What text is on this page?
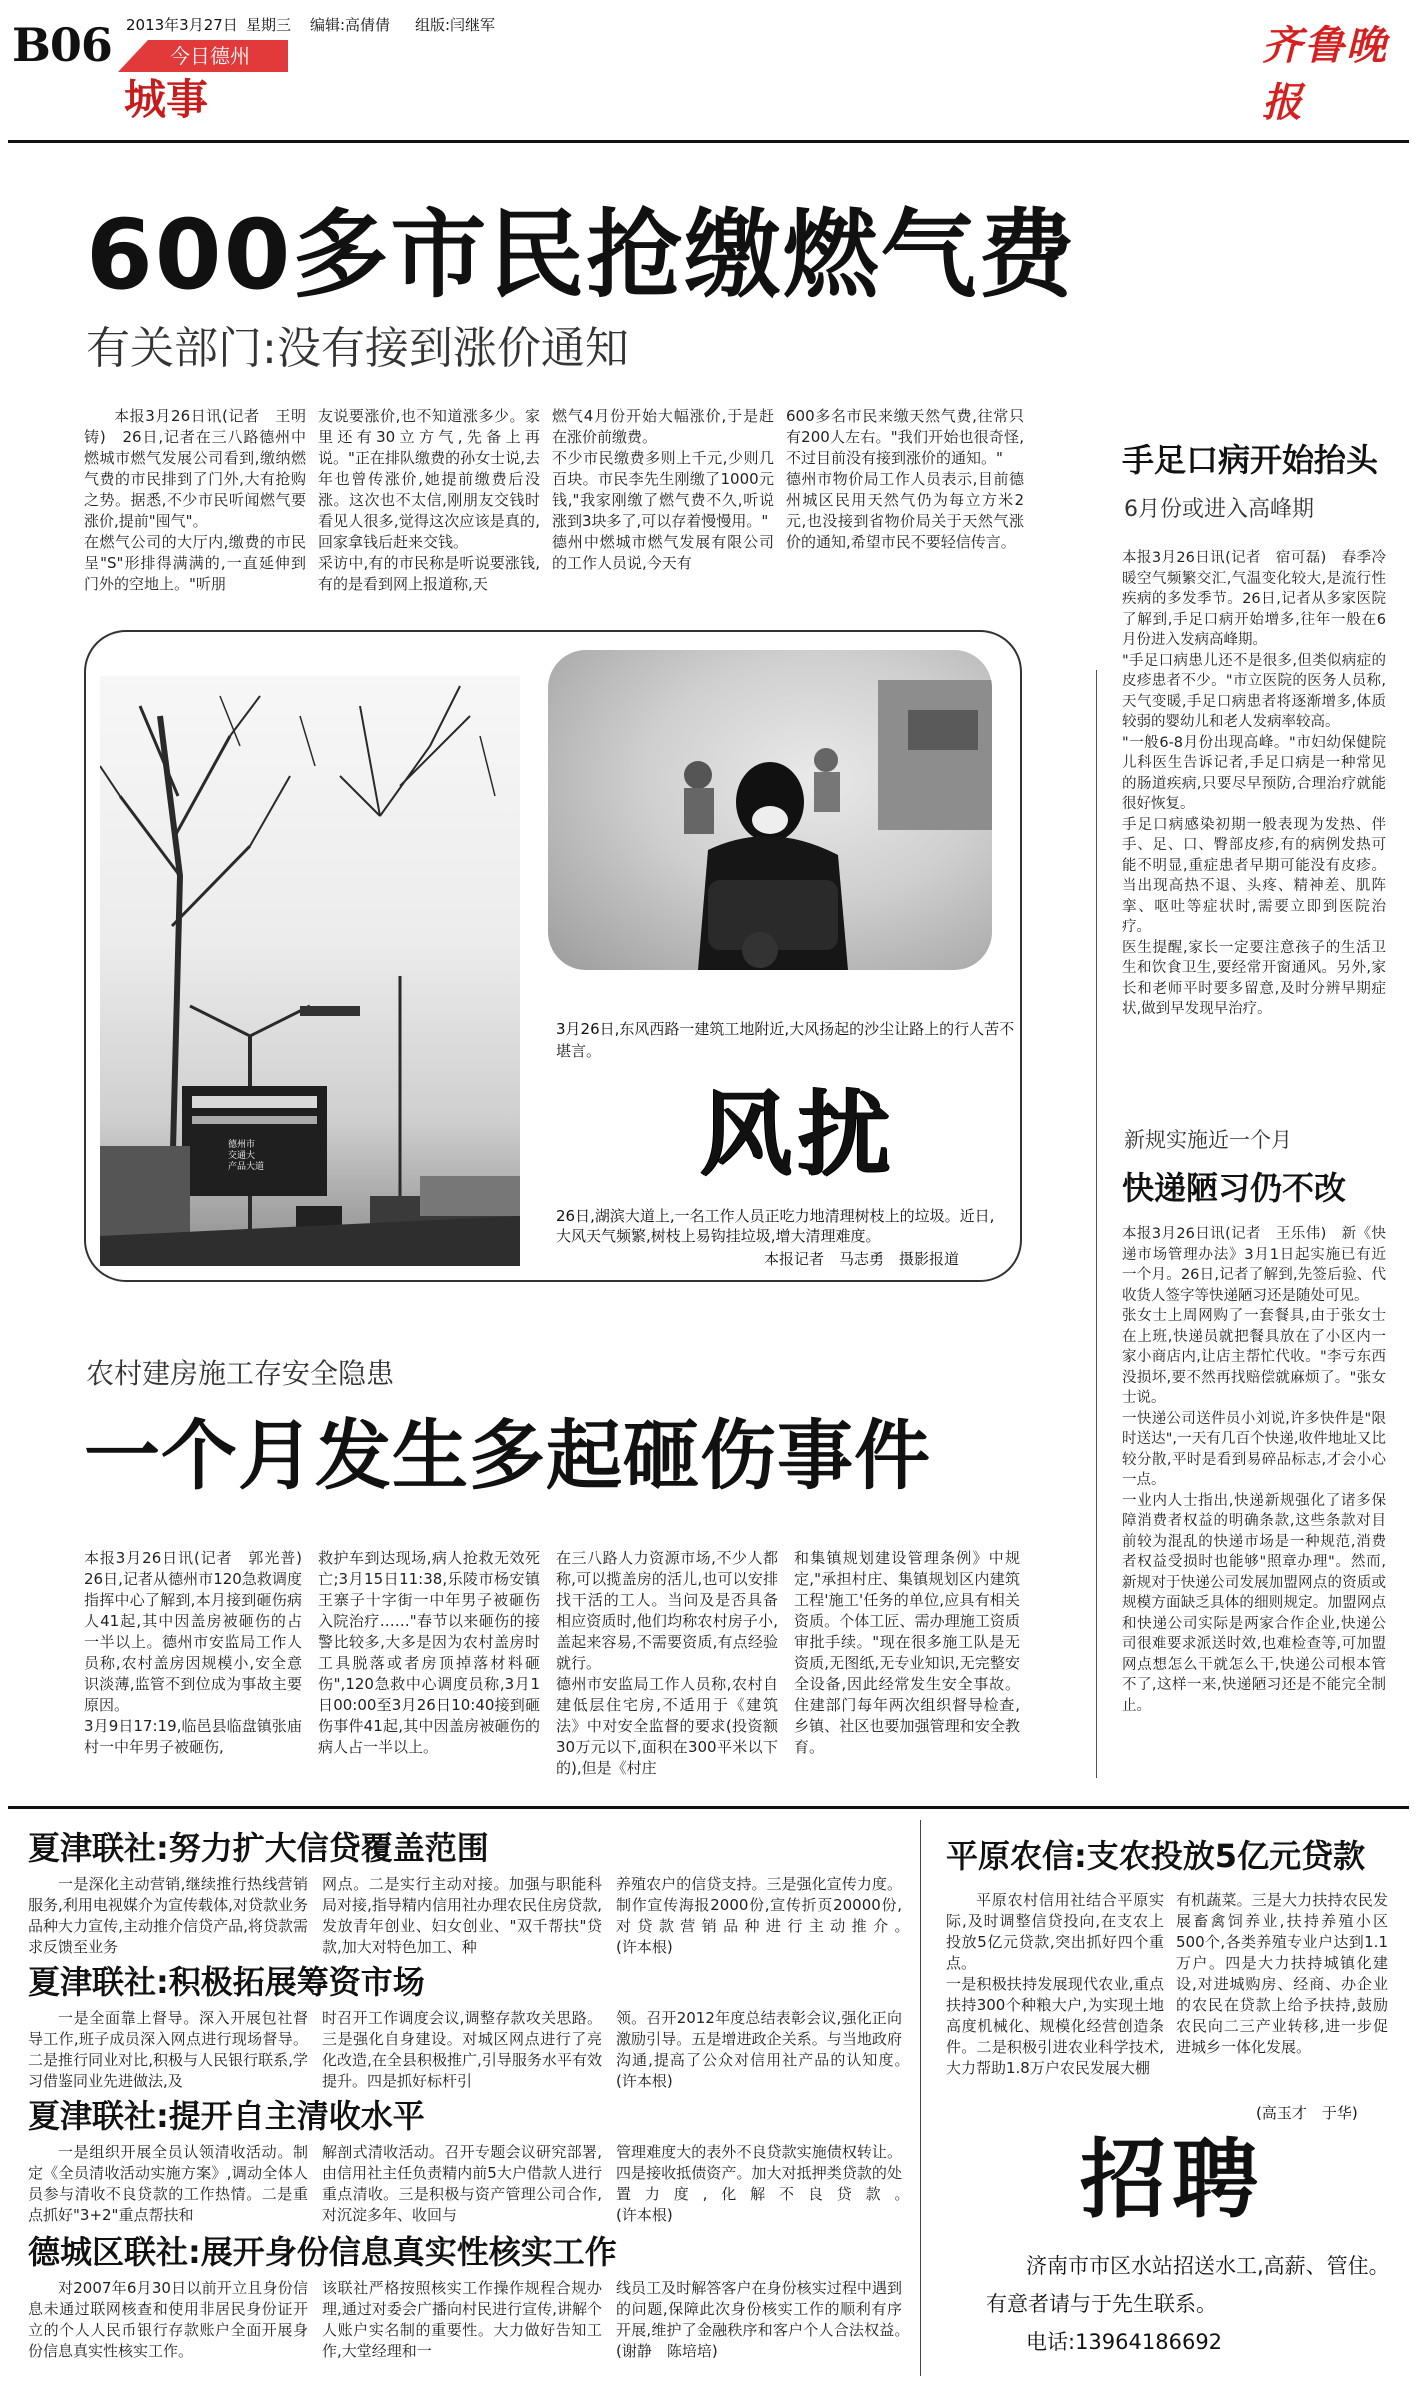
B06 2013年3月27日 星期三 编辑:高倩倩 组版:闫继军
今日德州
城事
齐鲁晚报
600多市民抢缴燃气费
有关部门:没有接到涨价通知
本报3月26日讯(记者　王明铸)　26日,记者在三八路德州中燃城市燃气发展公司看到,缴纳燃气费的市民排到了门外,大有抢购之势。据悉,不少市民听闻燃气要涨价,提前"囤气"。
在燃气公司的大厅内,缴费的市民呈"S"形排得满满的,一直延伸到门外的空地上。"听朋
友说要涨价,也不知道涨多少。家里还有30立方气,先备上再说。"正在排队缴费的孙女士说,去年也曾传涨价,她提前缴费后没涨。这次也不太信,刚朋友交钱时看见人很多,觉得这次应该是真的,回家拿钱后赶来交钱。
采访中,有的市民称是听说要涨钱,有的是看到网上报道称,天
燃气4月份开始大幅涨价,于是赶在涨价前缴费。
不少市民缴费多则上千元,少则几百块。市民李先生刚缴了1000元钱,"我家刚缴了燃气费不久,听说涨到3块多了,可以存着慢慢用。"
德州中燃城市燃气发展有限公司的工作人员说,今天有
600多名市民来缴天然气费,往常只有200人左右。"我们开始也很奇怪,不过目前没有接到涨价的通知。"
德州市物价局工作人员表示,目前德州城区民用天然气仍为每立方米2元,也没接到省物价局关于天然气涨价的通知,希望市民不要轻信传言。
德州市
交通大
产品大道
3月26日,东风西路一建筑工地附近,大风扬起的沙尘让路上的行人苦不堪言。
风扰
26日,湖滨大道上,一名工作人员正吃力地清理树枝上的垃圾。近日,大风天气频繁,树枝上易钩挂垃圾,增大清理难度。
本报记者　马志勇　摄影报道
手足口病开始抬头
6月份或进入高峰期
本报3月26日讯(记者　宿可磊)　春季冷暖空气频繁交汇,气温变化较大,是流行性疾病的多发季节。26日,记者从多家医院了解到,手足口病开始增多,往年一般在6月份进入发病高峰期。
"手足口病患儿还不是很多,但类似病症的皮疹患者不少。"市立医院的医务人员称,天气变暖,手足口病患者将逐渐增多,体质较弱的婴幼儿和老人发病率较高。
"一般6-8月份出现高峰。"市妇幼保健院儿科医生告诉记者,手足口病是一种常见的肠道疾病,只要尽早预防,合理治疗就能很好恢复。
手足口病感染初期一般表现为发热、伴手、足、口、臀部皮疹,有的病例发热可能不明显,重症患者早期可能没有皮疹。当出现高热不退、头疼、精神差、肌阵挛、呕吐等症状时,需要立即到医院治疗。
医生提醒,家长一定要注意孩子的生活卫生和饮食卫生,要经常开窗通风。另外,家长和老师平时要多留意,及时分辨早期症状,做到早发现早治疗。
新规实施近一个月
快递陋习仍不改
本报3月26日讯(记者　王乐伟)　新《快递市场管理办法》3月1日起实施已有近一个月。26日,记者了解到,先签后验、代收货人签字等快递陋习还是随处可见。
张女士上周网购了一套餐具,由于张女士在上班,快递员就把餐具放在了小区内一家小商店内,让店主帮忙代收。"李亏东西没损坏,要不然再找赔偿就麻烦了。"张女士说。
一快递公司送件员小刘说,许多快件是"限时送达",一天有几百个快递,收件地址又比较分散,平时是看到易碎品标志,才会小心一点。
一业内人士指出,快递新规强化了诸多保障消费者权益的明确条款,这些条款对目前较为混乱的快递市场是一种规范,消费者权益受损时也能够"照章办理"。然而,新规对于快递公司发展加盟网点的资质或规模方面缺乏具体的细则规定。加盟网点和快递公司实际是两家合作企业,快递公司很难要求派送时效,也难检查等,可加盟网点想怎么干就怎么干,快递公司根本管不了,这样一来,快递陋习还是不能完全制止。
农村建房施工存安全隐患
一个月发生多起砸伤事件
本报3月26日讯(记者　郭光普)　26日,记者从德州市120急救调度指挥中心了解到,本月接到砸伤病人41起,其中因盖房被砸伤的占一半以上。德州市安监局工作人员称,农村盖房因规模小,安全意识淡薄,监管不到位成为事故主要原因。
3月9日17:19,临邑县临盘镇张庙村一中年男子被砸伤,
救护车到达现场,病人抢救无效死亡;3月15日11:38,乐陵市杨安镇王寨子十字街一中年男子被砸伤入院治疗……"春节以来砸伤的接警比较多,大多是因为农村盖房时工具脱落或者房顶掉落材料砸伤",120急救中心调度员称,3月1日00:00至3月26日10:40接到砸伤事件41起,其中因盖房被砸伤的病人占一半以上。
在三八路人力资源市场,不少人都称,可以揽盖房的活儿,也可以安排找干活的工人。当问及是否具备相应资质时,他们均称农村房子小,盖起来容易,不需要资质,有点经验就行。
德州市安监局工作人员称,农村自建低层住宅房,不适用于《建筑法》中对安全监督的要求(投资额30万元以下,面积在300平米以下的),但是《村庄
和集镇规划建设管理条例》中规定,"承担村庄、集镇规划区内建筑工程'施工'任务的单位,应具有相关资质。个体工匠、需办理施工资质审批手续。"现在很多施工队是无资质,无图纸,无专业知识,无完整安全设备,因此经常发生安全事故。住建部门每年两次组织督导检查,乡镇、社区也要加强管理和安全教育。
夏津联社:努力扩大信贷覆盖范围
一是深化主动营销,继续推行热线营销服务,利用电视媒介为宣传载体,对贷款业务品种大力宣传,主动推介信贷产品,将贷款需求反馈至业务
网点。二是实行主动对接。加强与职能科局对接,指导精内信用社办理农民住房贷款,发放青年创业、妇女创业、"双千帮扶"贷款,加大对特色加工、种
养殖农户的信贷支持。三是强化宣传力度。制作宣传海报2000份,宣传折页20000份,对贷款营销品种进行主动推介。　　　　　　　　　　　(许本根)
夏津联社:积极拓展筹资市场
一是全面靠上督导。深入开展包社督导工作,班子成员深入网点进行现场督导。二是推行同业对比,积极与人民银行联系,学习借鉴同业先进做法,及
时召开工作调度会议,调整存款攻关思路。三是强化自身建设。对城区网点进行了亮化改造,在全县积极推广,引导服务水平有效提升。四是抓好标杆引
领。召开2012年度总结表彰会议,强化正向激励引导。五是增进政企关系。与当地政府沟通,提高了公众对信用社产品的认知度。　　　　　　　(许本根)
夏津联社:提开自主清收水平
一是组织开展全员认领清收活动。制定《全员清收活动实施方案》,调动全体人员参与清收不良贷款的工作热情。二是重点抓好"3+2"重点帮扶和
解剖式清收活动。召开专题会议研究部署,由信用社主任负责精内前5大户借款人进行重点清收。三是积极与资产管理公司合作,对沉淀多年、收回与
管理难度大的表外不良贷款实施债权转让。四是接收抵债资产。加大对抵押类贷款的处置力度,化解不良贷款。　　　　　　　　　　(许本根)
德城区联社:展开身份信息真实性核实工作
对2007年6月30日以前开立且身份信息未通过联网核查和使用非居民身份证开立的个人人民币银行存款账户全面开展身份信息真实性核实工作。
该联社严格按照核实工作操作规程合规办理,通过对委会广播向村民进行宣传,讲解个人账户实名制的重要性。大力做好告知工作,大堂经理和一
线员工及时解答客户在身份核实过程中遇到的问题,保障此次身份核实工作的顺利有序开展,维护了金融秩序和客户个人合法权益。　　(谢静　陈培培)
平原农信:支农投放5亿元贷款
平原农村信用社结合平原实际,及时调整信贷投向,在支农上投放5亿元贷款,突出抓好四个重点。
一是积极扶持发展现代农业,重点扶持300个种粮大户,为实现土地高度机械化、规模化经营创造条件。二是积极引进农业科学技术,大力帮助1.8万户农民发展大棚
有机蔬菜。三是大力扶持农民发展畜禽饲养业,扶持养殖小区500个,各类养殖专业户达到1.1万户。四是大力扶持城镇化建设,对进城购房、经商、办企业的农民在贷款上给予扶持,鼓励农民向二三产业转移,进一步促进城乡一体化发展。
(高玉才　于华)
招聘
济南市市区水站招送水工,高薪、管住。
有意者请与于先生联系。
电话:13964186692
